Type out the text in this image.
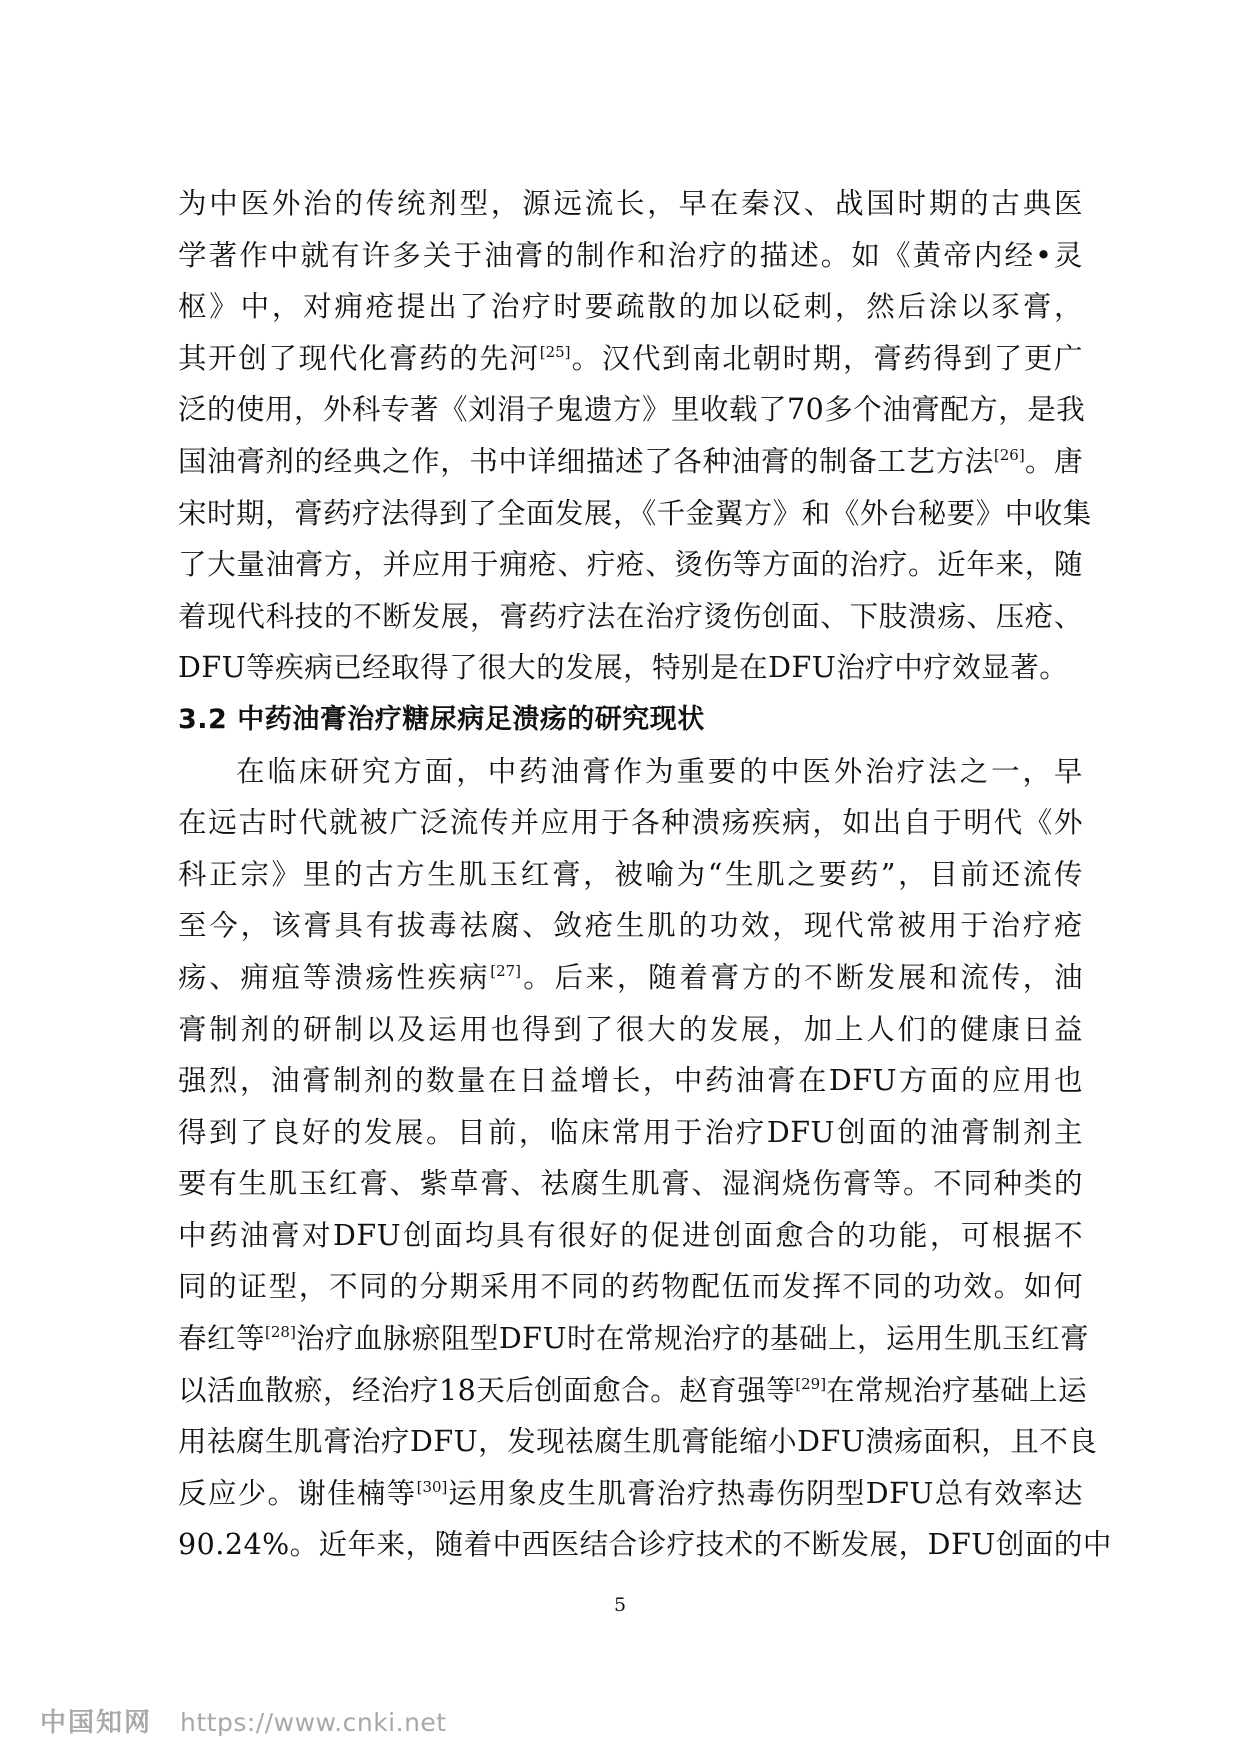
为中医外治的传统剂型，源远流长，早在秦汉、战国时期的古典医
学著作中就有许多关于油膏的制作和治疗的描述。如《黄帝内经•灵
枢》中，对痈疮提出了治疗时要疏散的加以砭刺，然后涂以豕膏，
其开创了现代化膏药的先河[25]。汉代到南北朝时期，膏药得到了更广
泛的使用，外科专著《刘涓子鬼遗方》里收载了70多个油膏配方，是我
国油膏剂的经典之作，书中详细描述了各种油膏的制备工艺方法[26]。唐
宋时期，膏药疗法得到了全面发展，《千金翼方》和《外台秘要》中收集
了大量油膏方，并应用于痈疮、疔疮、烫伤等方面的治疗。近年来，随
着现代科技的不断发展，膏药疗法在治疗烫伤创面、下肢溃疡、压疮、
DFU等疾病已经取得了很大的发展，特别是在DFU治疗中疗效显著。
3.2 中药油膏治疗糖尿病足溃疡的研究现状
在临床研究方面，中药油膏作为重要的中医外治疗法之一，早
在远古时代就被广泛流传并应用于各种溃疡疾病，如出自于明代《外
科正宗》里的古方生肌玉红膏，被喻为“生肌之要药”，目前还流传
至今，该膏具有拔毒祛腐、敛疮生肌的功效，现代常被用于治疗疮
疡、痈疽等溃疡性疾病[27]。后来，随着膏方的不断发展和流传，油
膏制剂的研制以及运用也得到了很大的发展，加上人们的健康日益
强烈，油膏制剂的数量在日益增长，中药油膏在DFU方面的应用也
得到了良好的发展。目前，临床常用于治疗DFU创面的油膏制剂主
要有生肌玉红膏、紫草膏、祛腐生肌膏、湿润烧伤膏等。不同种类的
中药油膏对DFU创面均具有很好的促进创面愈合的功能，可根据不
同的证型，不同的分期采用不同的药物配伍而发挥不同的功效。如何
春红等[28]治疗血脉瘀阻型DFU时在常规治疗的基础上，运用生肌玉红膏
以活血散瘀，经治疗18天后创面愈合。赵育强等[29]在常规治疗基础上运
用祛腐生肌膏治疗DFU，发现祛腐生肌膏能缩小DFU溃疡面积，且不良
反应少。谢佳楠等[30]运用象皮生肌膏治疗热毒伤阴型DFU总有效率达
90.24%。近年来，随着中西医结合诊疗技术的不断发展，DFU创面的中
5
中国知网 https://www.cnki.net
